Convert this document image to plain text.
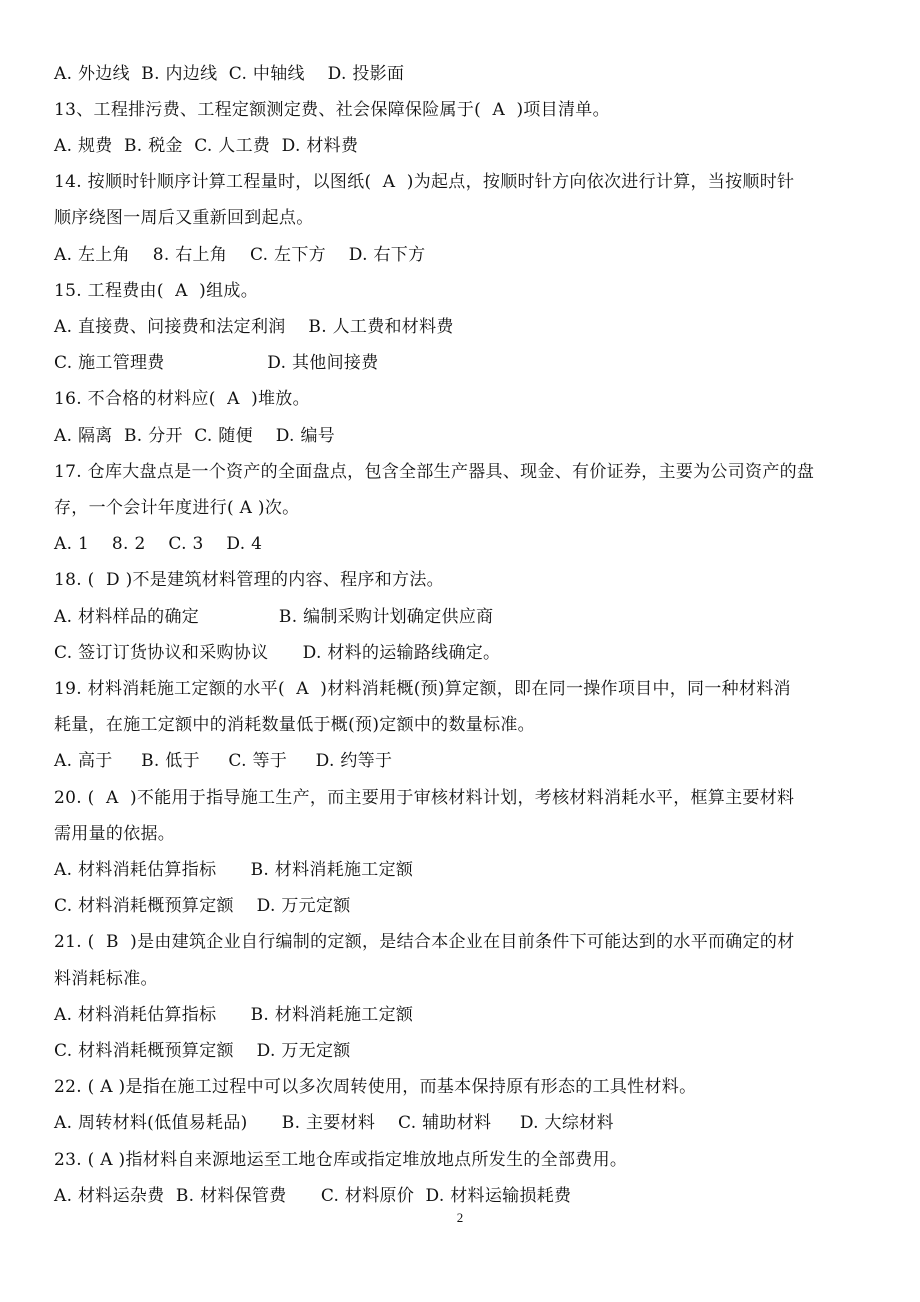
A. 外边线  B. 内边线  C. 中轴线    D. 投影面
13、工程排污费、工程定额测定费、社会保障保险属于(  A  )项目清单。
A. 规费  B. 税金  C. 人工费  D. 材料费
14. 按顺时针顺序计算工程量时，以图纸(  A  )为起点，按顺时针方向依次进行计算，当按顺时针
顺序绕图一周后又重新回到起点。
A. 左上角    8. 右上角    C. 左下方    D. 右下方
15. 工程费由(  A  )组成。
A. 直接费、问接费和法定利润    B. 人工费和材料费
C. 施工管理费                  D. 其他间接费
16. 不合格的材料应(  A  )堆放。
A. 隔离  B. 分开  C. 随便    D. 编号
17. 仓库大盘点是一个资产的全面盘点，包含全部生产器具、现金、有价证券，主要为公司资产的盘
存，一个会计年度进行( A )次。
A. 1    8. 2    C. 3    D. 4
18. (  D )不是建筑材料管理的内容、程序和方法。
A. 材料样品的确定              B. 编制采购计划确定供应商
C. 签订订货协议和采购协议      D. 材料的运输路线确定。
19. 材料消耗施工定额的水平(  A  )材料消耗概(预)算定额，即在同一操作项目中，同一种材料消
耗量，在施工定额中的消耗数量低于概(预)定额中的数量标准。
A. 高于     B. 低于     C. 等于     D. 约等于
20. (  A  )不能用于指导施工生产，而主要用于审核材料计划，考核材料消耗水平，框算主要材料
需用量的依据。
A. 材料消耗估算指标      B. 材料消耗施工定额
C. 材料消耗概预算定额    D. 万元定额
21. (  B  )是由建筑企业自行编制的定额，是结合本企业在目前条件下可能达到的水平而确定的材
料消耗标准。
A. 材料消耗估算指标      B. 材料消耗施工定额
C. 材料消耗概预算定额    D. 万无定额
22. ( A )是指在施工过程中可以多次周转使用，而基本保持原有形态的工具性材料。
A. 周转材料(低值易耗品)      B. 主要材料    C. 辅助材料     D. 大综材料
23. ( A )指材料自来源地运至工地仓库或指定堆放地点所发生的全部费用。
A. 材料运杂费  B. 材料保管费      C. 材料原价  D. 材料运输损耗费
2
